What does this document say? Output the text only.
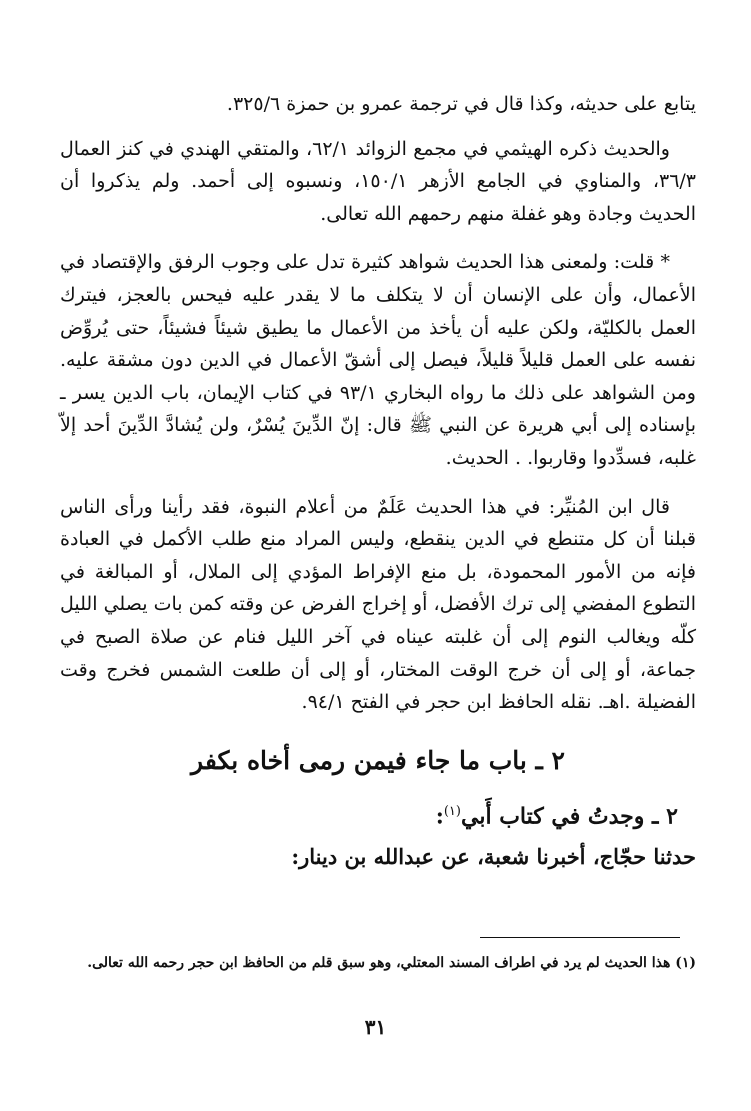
يتابع على حديثه، وكذا قال في ترجمة عمرو بن حمزة ٣٢٥/٦.

والحديث ذكره الهيثمي في مجمع الزوائد ٦٢/١، والمتقي الهندي في كنز العمال ٣٦/٣، والمناوي في الجامع الأزهر ١٥٠/١، ونسبوه إلى أحمد. ولم يذكروا أن الحديث وجادة وهو غفلة منهم رحمهم الله تعالى.

* قلت: ولمعنى هذا الحديث شواهد كثيرة تدل على وجوب الرفق والإقتصاد في الأعمال، وأن على الإنسان أن لا يتكلف ما لا يقدر عليه فيحس بالعجز، فيترك العمل بالكليّة، ولكن عليه أن يأخذ من الأعمال ما يطيق شيئاً فشيئاً، حتى يُروِّض نفسه على العمل قليلاً قليلاً، فيصل إلى أشقّ الأعمال في الدين دون مشقة عليه. ومن الشواهد على ذلك ما رواه البخاري ٩٣/١ في كتاب الإيمان، باب الدين يسر ـ بإسناده إلى أبي هريرة عن النبي ﷺ قال: إنّ الدِّينَ يُسْرٌ، ولن يُشادَّ الدِّينَ أحد إلاّ غلبه، فسدِّدوا وقاربوا. . الحديث.

قال ابن المُنيِّر: في هذا الحديث عَلَمٌ من أعلام النبوة، فقد رأينا ورأى الناس قبلنا أن كل متنطع في الدين ينقطع، وليس المراد منع طلب الأكمل في العبادة فإنه من الأمور المحمودة، بل منع الإفراط المؤدي إلى الملال، أو المبالغة في التطوع المفضي إلى ترك الأفضل، أو إخراج الفرض عن وقته كمن بات يصلي الليل كلّه ويغالب النوم إلى أن غلبته عيناه في آخر الليل فنام عن صلاة الصبح في جماعة، أو إلى أن خرج الوقت المختار، أو إلى أن طلعت الشمس فخرج وقت الفضيلة .اهـ. نقله الحافظ ابن حجر في الفتح ٩٤/١.

٢ ـ باب ما جاء فيمن رمى أخاه بكفر
٢ ـ وجدتُ في كتاب أَبي$^{(١)}$:
حدثنا حجّاج، أخبرنا شعبة، عن عبدالله بن دينار:
(١) هذا الحديث لم يرد في اطراف المسند المعتلي، وهو سبق قلم من الحافظ ابن حجر رحمه الله تعالى.
٣١
